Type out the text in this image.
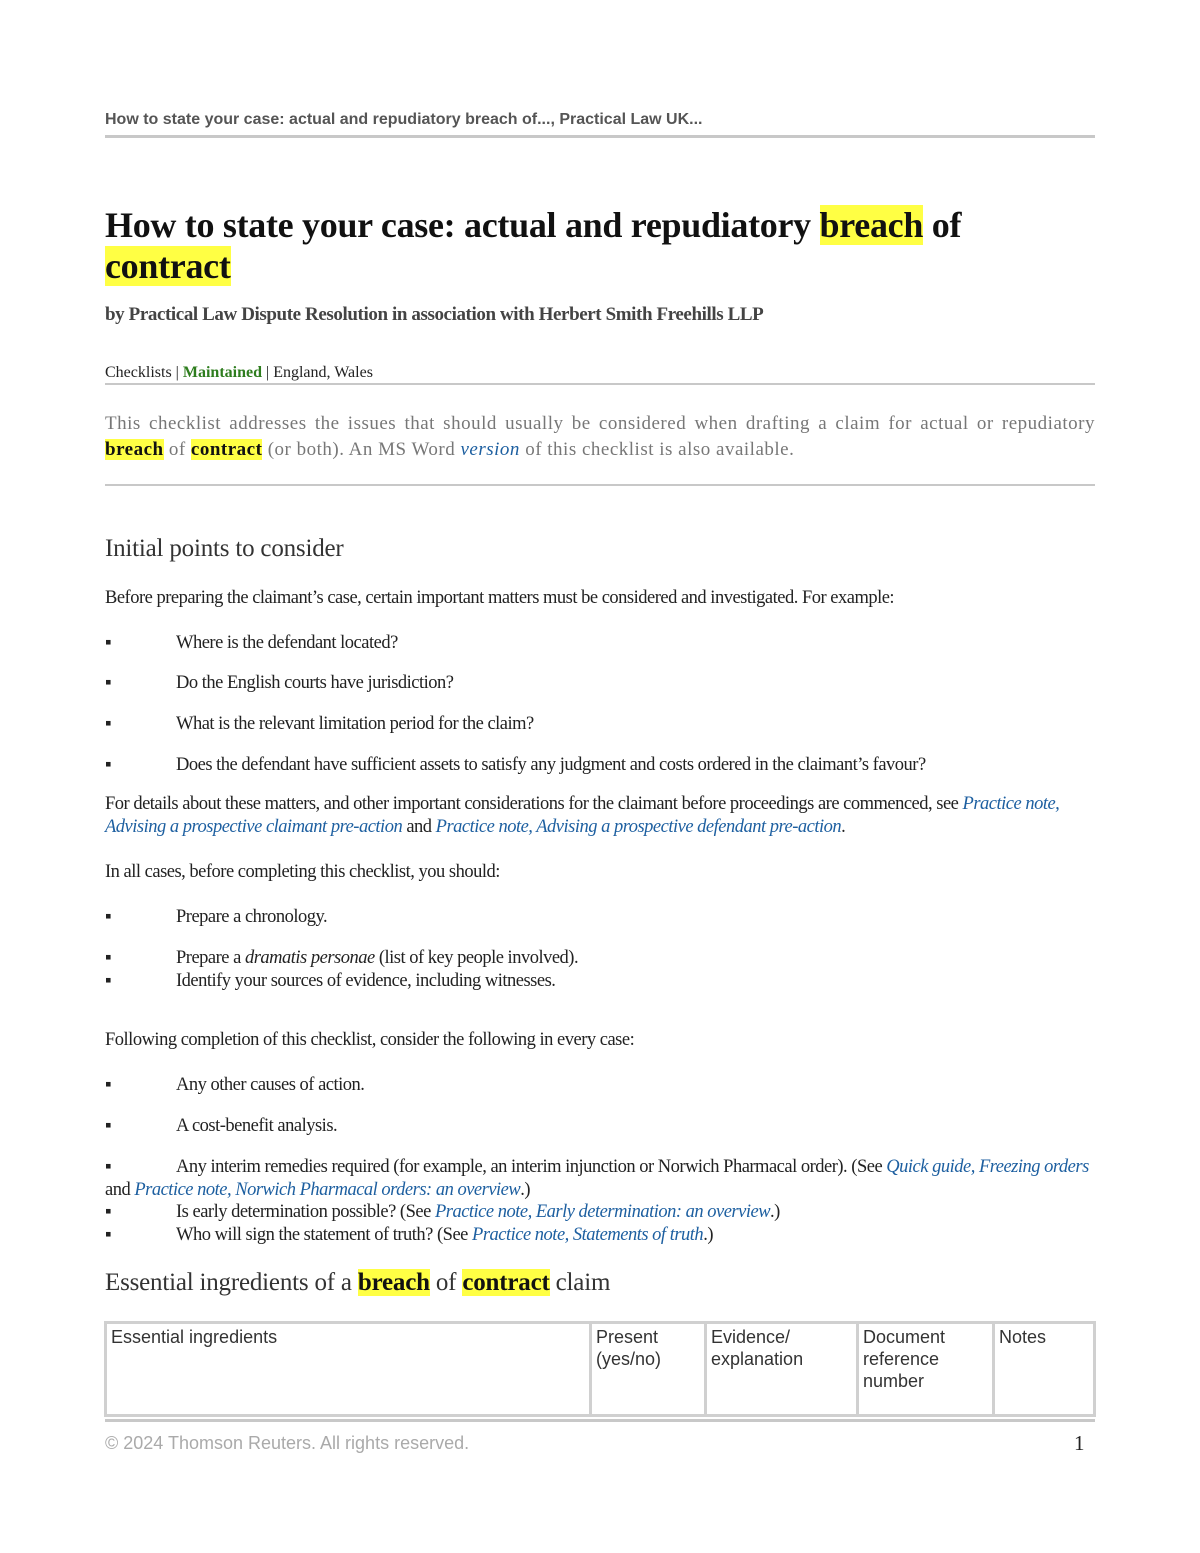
How to state your case: actual and repudiatory breach of..., Practical Law UK...
How to state your case: actual and repudiatory breach of
contract
by Practical Law Dispute Resolution in association with Herbert Smith Freehills LLP
Checklists | Maintained | England, Wales
This checklist addresses the issues that should usually be considered when drafting a claim for actual or repudiatory breach of contract (or both). An MS Word version of this checklist is also available.
Initial points to consider
Before preparing the claimant’s case, certain important matters must be considered and investigated. For example:
▪	Where is the defendant located?
▪	Do the English courts have jurisdiction?
▪	What is the relevant limitation period for the claim?
▪	Does the defendant have sufficient assets to satisfy any judgment and costs ordered in the claimant’s favour?
For details about these matters, and other important considerations for the claimant before proceedings are commenced, see Practice note, Advising a prospective claimant pre-action and Practice note, Advising a prospective defendant pre-action.
In all cases, before completing this checklist, you should:
▪	Prepare a chronology.
▪	Prepare a dramatis personae (list of key people involved).
▪	Identify your sources of evidence, including witnesses.
Following completion of this checklist, consider the following in every case:
▪	Any other causes of action.
▪	A cost-benefit analysis.
▪	Any interim remedies required (for example, an interim injunction or Norwich Pharmacal order). (See Quick guide, Freezing orders and Practice note, Norwich Pharmacal orders: an overview.)
▪	Is early determination possible? (See Practice note, Early determination: an overview.)
▪	Who will sign the statement of truth? (See Practice note, Statements of truth.)
Essential ingredients of a breach of contract claim
Essential ingredients	Present (yes/no)	Evidence/ explanation	Document reference number	Notes
© 2024 Thomson Reuters. All rights reserved.	1
